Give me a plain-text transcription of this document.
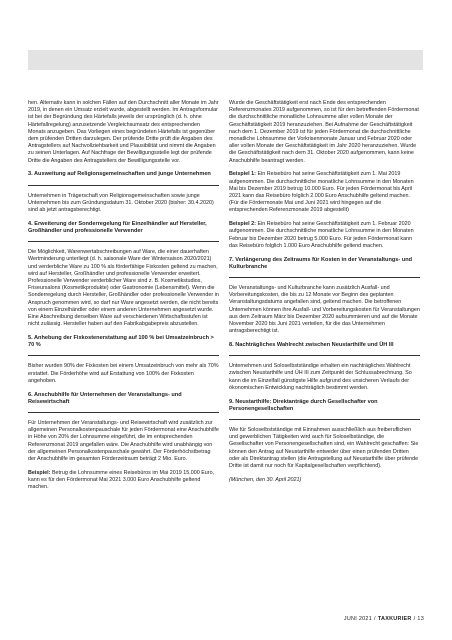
hen. Alternativ kann in solchen Fällen auf den Durchschnitt aller Monate im Jahr 2019, in denen ein Umsatz erzielt wurde, abgestellt werden. Im Antragsformular ist bei der Begründung des Härtefalls jeweils der ursprünglich (d. h. ohne Härtefallregelung) anzusetzende Vergleichsumsatz des entsprechenden Monats anzugeben. Das Vorliegen eines begründeten Härtefalls ist gegenüber dem prüfenden Dritten darzulegen. Der prüfende Dritte prüft die Angaben des Antragstellers auf Nachvollziehbarkeit und Plausibilität und nimmt die Angaben zu seinen Unterlagen. Auf Nachfrage der Bewilligungsstelle legt der prüfende Dritte die Angaben des Antragstellers der Bewilligungsstelle vor.

3. Ausweitung auf Religionsgemeinschaften und junge Unternehmen

Unternehmen in Trägerschaft von Religionsgemeinschaften sowie junge Unternehmen bis zum Gründungsdatum 31. Oktober 2020 (bisher: 30.4.2020) sind ab jetzt antragsberechtigt.

4. Erweiterung der Sonderregelung für Einzelhändler auf Hersteller, Großhändler und professionelle Verwender

Die Möglichkeit, Warenwertabschreibungen auf Ware, die einer dauerhaften Wertminderung unterliegt (d. h. saisonale Ware der Wintersaison 2020/2021) und verderbliche Ware zu 100 % als förderfähige Fixkosten geltend zu machen, wird auf Hersteller, Großhändler und professionelle Verwender erweitert. Professionelle Verwender verderblicher Ware sind z. B. Kosmetikstudios, Friseursalons (Kosmetikprodukte) oder Gastronomie (Lebensmittel). Wenn die Sonderregelung durch Hersteller, Großhändler oder professionelle Verwender in Anspruch genommen wird, so darf nur Ware angesetzt werden, die nicht bereits von einem Einzelhändler oder einem anderen Unternehmen angesetzt wurde. Eine Abschreibung derselben Ware auf verschiedenen Wirtschaftsstufen ist nicht zulässig. Hersteller haben auf den Fabrikabgabepreis abzustellen.

5. Anhebung der Fixkostenerstattung auf 100 % bei Umsatzeinbruch > 70 %

Bisher wurden 90% der Fixkosten bei einem Umsatzeinbruch von mehr als 70% erstattet. Die Förderhöhe wird auf Erstattung von 100% der Fixkosten angehoben.

6. Anschubhilfe für Unternehmen der Veranstaltungs- und Reisewirtschaft

Für Unternehmen der Veranstaltungs- und Reisewirtschaft wird zusätzlich zur allgemeinen Personalkostenpauschale für jeden Fördermonat eine Anschubhilfe in Höhe von 20% der Lohnsumme eingeführt, die im entsprechenden Referenzmonat 2019 angefallen wäre. Die Anschubhilfe wird unabhängig von der allgemeinen Personalkostenpauschale gewährt. Der Förderhöchstbetrag der Anschubhilfe im gesamten Förderzeitraum beträgt 2 Mio. Euro.

Beispiel: Betrug die Lohnsumme eines Reisebüros im Mai 2019 15.000 Euro, kann es für den Fördermonat Mai 2021 3.000 Euro Anschubhilfe geltend machen.

Wurde die Geschäftstätigkeit erst nach Ende des entsprechenden Referenzmonates 2019 aufgenommen, so ist für den betreffenden Fördermonat die durchschnittliche monatliche Lohnsumme aller vollen Monate der Geschäftstätigkeit 2019 heranzuziehen. Bei Aufnahme der Geschäftstätigkeit nach dem 1. Dezember 2019 ist für jeden Fördermonat die durchschnittliche monatliche Lohnsumme der Vorkrisenmonate Januar und Februar 2020 oder aller vollen Monate der Geschäftstätigkeit im Jahr 2020 heranzuziehen. Wurde die Geschäftstätigkeit nach dem 31. Oktober 2020 aufgenommen, kann keine Anschubhilfe beantragt werden.

Beispiel 1: Ein Reisebüro hat seine Geschäftstätigkeit zum 1. Mai 2019 aufgenommen. Die durchschnittliche monatliche Lohnsumme in den Monaten Mai bis Dezember 2019 betrug 10.000 Euro. Für jeden Fördermonat bis April 2021 kann das Reisebüro folglich 2.000 Euro Anschubhilfe geltend machen. (Für die Fördermonate Mai und Juni 2021 wird hingegen auf die entsprechenden Referenzmonate 2019 abgestellt)

Beispiel 2: Ein Reisebüro hat seine Geschäftstätigkeit zum 1. Februar 2020 aufgenommen. Die durchschnittliche monatliche Lohnsumme in den Monaten Februar bis Dezember 2020 betrug 5.000 Euro. Für jeden Fördermonat kann das Reisebüro folglich 1.000 Euro Anschubhilfe geltend machen.

7. Verlängerung des Zeitraums für Kosten in der Veranstaltungs- und Kulturbranche

Die Veranstaltungs- und Kulturbranche kann zusätzlich Ausfall- und Vorbereitungskosten, die bis zu 12 Monate vor Beginn des geplanten Veranstaltungsdatums angefallen sind, geltend machen. Die betroffenen Unternehmen können ihre Ausfall- und Vorbereitungskosten für Veranstaltungen aus dem Zeitraum März bis Dezember 2020 aufsummieren und auf die Monate November 2020 bis Juni 2021 verteilen, für die das Unternehmen antragsberechtigt ist.

8. Nachträgliches Wahlrecht zwischen Neustarthilfe und ÜH III

Unternehmen und Soloselbstständige erhalten ein nachträgliches Wahlrecht zwischen Neustarthilfe und ÜH III zum Zeitpunkt der Schlussabrechnung. So kann die im Einzelfall günstigste Hilfe aufgrund des unsicheren Verlaufs der ökonomischen Entwicklung nachträglich bestimmt werden.

9. Neustarthilfe: Direktanträge durch Gesellschafter von Personengesellschaften

Wie für Soloselbstständige mit Einnahmen ausschließlich aus freiberuflichen und gewerblichen Tätigkeiten wird auch für Soloselbständige, die Gesellschafter von Personengesellschaften sind, ein Wahlrecht geschaffen: Sie können den Antrag auf Neustarthilfe entweder über einen prüfenden Dritten oder als Direktantrag stellen (die Antragstellung auf Neustarthilfe über prüfende Dritte ist damit nur noch für Kapitalgesellschaften verpflichtend).

(München, den 30. April 2021)

JUNI 2021 / TAXKURIER / 13
